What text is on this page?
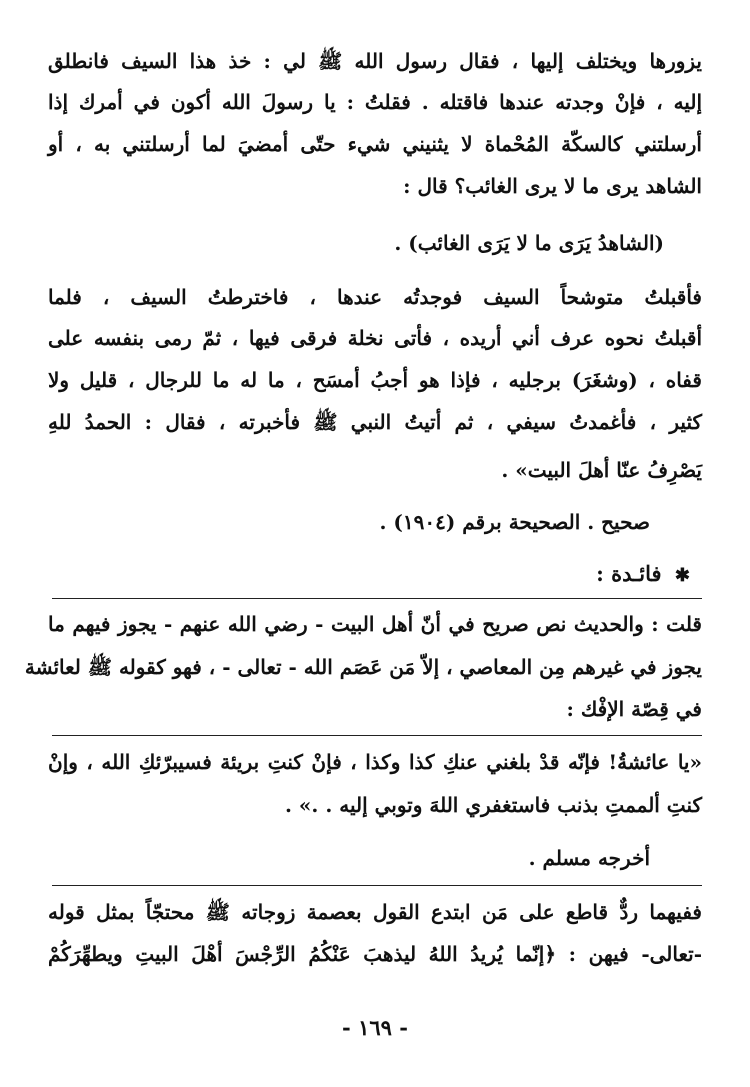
يزورها ويختلف إليها ، فقال رسول الله ﷺ لي : خذ هذا السيف فانطلق
إليه ، فإنْ وجدته عندها فاقتله . فقلتُ : يا رسولَ الله أكون في أمرك إذا
أرسلتني كالسكّة المُحْماة لا يثنيني شيء حتّى أمضيَ لما أرسلتني به ، أو
الشاهد يرى ما لا يرى الغائب؟ قال :
(الشاهدُ يَرَى ما لا يَرَى الغائب) .
فأقبلتُ متوشحاً السيف فوجدتُه عندها ، فاخترطتُ السيف ، فلما
أقبلتُ نحوه عرف أني أريده ، فأتى نخلة فرقى فيها ، ثمّ رمى بنفسه على
قفاه ، (وشغَرَ) برجليه ، فإذا هو أجبُ أمسَح ، ما له ما للرجال ، قليل ولا
كثير ، فأغمدتُ سيفي ، ثم أتيتُ النبي ﷺ فأخبرته ، فقال : الحمدُ للهِ
يَصْرِفُ عنّا أهلَ البيت» .
صحيح . الصحيحة برقم (١٩٠٤) .
✱ فائـدة :
قلت : والحديث نص صريح في أنّ أهل البيت - رضي الله عنهم - يجوز فيهم ما
يجوز في غيرهم مِن المعاصي ، إلاّ مَن عَصَم الله - تعالى - ، فهو كقوله ﷺ لعائشة
في قِصّة الإفْك :
«يا عائشةُ! فإنّه قدْ بلغني عنكِ كذا وكذا ، فإنْ كنتِ بريئة فسيبرّئكِ الله ، وإنْ
كنتِ ألممتِ بذنب فاستغفري اللهَ وتوبي إليه . .» .
أخرجه مسلم .
ففيهما ردٌّ قاطع على مَن ابتدع القول بعصمة زوجاته ﷺ محتجّاً بمثل قوله
-تعالى- فيهن : ﴿إنّما يُريدُ اللهُ ليذهبَ عَنْكُمُ الرِّجْسَ أهْلَ البيتِ ويطهِّرَكُمْ
- ١٦٩ -
